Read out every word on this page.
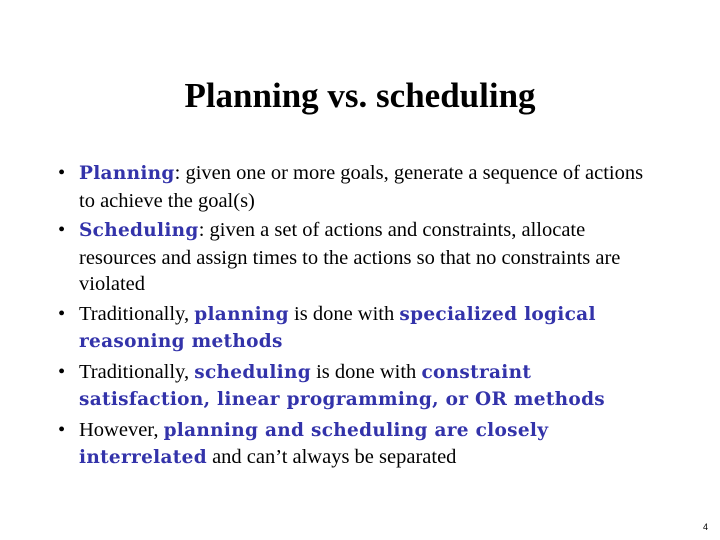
Planning vs. scheduling
• Planning: given one or more goals, generate a sequence of actions to achieve the goal(s)
• Scheduling: given a set of actions and constraints, allocate resources and assign times to the actions so that no constraints are violated
• Traditionally, planning is done with specialized logical reasoning methods
• Traditionally, scheduling is done with constraint satisfaction, linear programming, or OR methods
• However, planning and scheduling are closely interrelated and can’t always be separated
4
